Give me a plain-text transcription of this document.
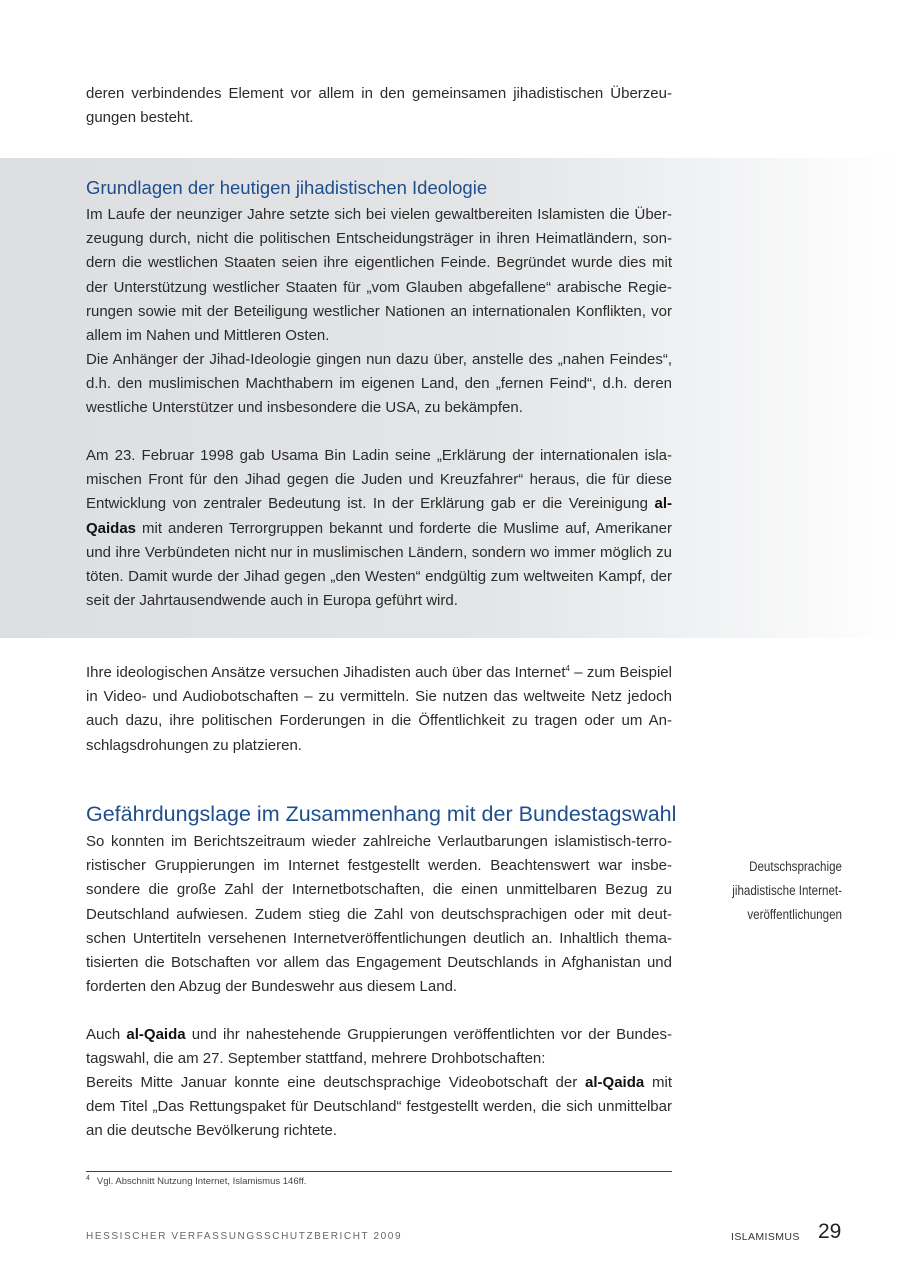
deren verbindendes Element vor allem in den gemeinsamen jihadistischen Überzeugungen besteht.

Grundlagen der heutigen jihadistischen Ideologie

Im Laufe der neunziger Jahre setzte sich bei vielen gewaltbereiten Islamisten die Überzeugung durch, nicht die politischen Entscheidungsträger in ihren Heimatländern, sondern die westlichen Staaten seien ihre eigentlichen Feinde. Begründet wurde dies mit der Unterstützung westlicher Staaten für „vom Glauben abgefallene“ arabische Regierungen sowie mit der Beteiligung westlicher Nationen an internationalen Konflikten, vor allem im Nahen und Mittleren Osten.

Die Anhänger der Jihad-Ideologie gingen nun dazu über, anstelle des „nahen Feindes“, d.h. den muslimischen Machthabern im eigenen Land, den „fernen Feind“, d.h. deren westliche Unterstützer und insbesondere die USA, zu bekämpfen.

Am 23. Februar 1998 gab Usama Bin Ladin seine „Erklärung der internationalen islamischen Front für den Jihad gegen die Juden und Kreuzfahrer“ heraus, die für diese Entwicklung von zentraler Bedeutung ist. In der Erklärung gab er die Vereinigung al-Qaidas mit anderen Terrorgruppen bekannt und forderte die Muslime auf, Amerikaner und ihre Verbündeten nicht nur in muslimischen Ländern, sondern wo immer möglich zu töten. Damit wurde der Jihad gegen „den Westen“ endgültig zum weltweiten Kampf, der seit der Jahrtausendwende auch in Europa geführt wird.

Ihre ideologischen Ansätze versuchen Jihadisten auch über das Internet$^4$ – zum Beispiel in Video- und Audiobotschaften – zu vermitteln. Sie nutzen das weltweite Netz jedoch auch dazu, ihre politischen Forderungen in die Öffentlichkeit zu tragen oder um Anschlagsdrohungen zu platzieren.

Gefährdungslage im Zusammenhang mit der Bundestagswahl

So konnten im Berichtszeitraum wieder zahlreiche Verlautbarungen islamistisch-terroristischer Gruppierungen im Internet festgestellt werden. Beachtenswert war insbesondere die große Zahl der Internetbotschaften, die einen unmittelbaren Bezug zu Deutschland aufwiesen. Zudem stieg die Zahl von deutschsprachigen oder mit deutschen Untertiteln versehenen Internetveröffentlichungen deutlich an. Inhaltlich thematisierten die Botschaften vor allem das Engagement Deutschlands in Afghanistan und forderten den Abzug der Bundeswehr aus diesem Land.

Auch al-Qaida und ihr nahestehende Gruppierungen veröffentlichten vor der Bundestagswahl, die am 27. September stattfand, mehrere Drohbotschaften:

Bereits Mitte Januar konnte eine deutschsprachige Videobotschaft der al-Qaida mit dem Titel „Das Rettungspaket für Deutschland“ festgestellt werden, die sich unmittelbar an die deutsche Bevölkerung richtete.

Deutschsprachige
jihadistische Internet-
veröffentlichungen
$^4$ Vgl. Abschnitt Nutzung Internet, Islamismus 146ff.
HESSISCHER VERFASSUNGSSCHUTZBERICHT 2009	ISLAMISMUS 29
